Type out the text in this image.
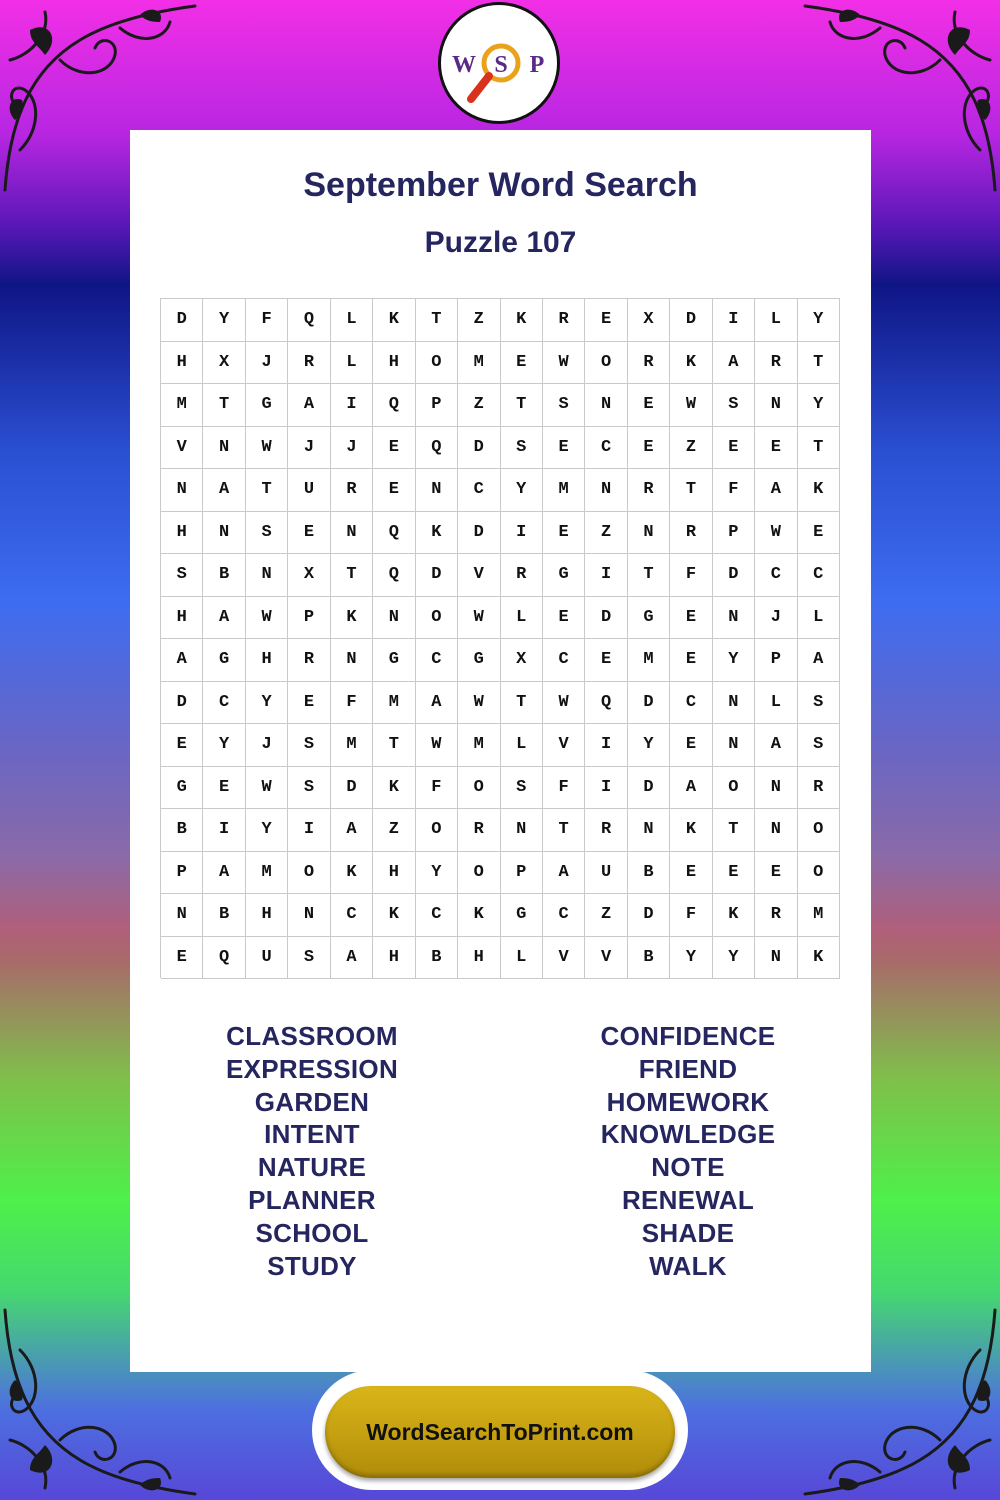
W S P
September Word Search
Puzzle 107
D	Y	F	Q	L	K	T	Z	K	R	E	X	D	I	L	Y
H	X	J	R	L	H	O	M	E	W	O	R	K	A	R	T
M	T	G	A	I	Q	P	Z	T	S	N	E	W	S	N	Y
V	N	W	J	J	E	Q	D	S	E	C	E	Z	E	E	T
N	A	T	U	R	E	N	C	Y	M	N	R	T	F	A	K
H	N	S	E	N	Q	K	D	I	E	Z	N	R	P	W	E
S	B	N	X	T	Q	D	V	R	G	I	T	F	D	C	C
H	A	W	P	K	N	O	W	L	E	D	G	E	N	J	L
A	G	H	R	N	G	C	G	X	C	E	M	E	Y	P	A
D	C	Y	E	F	M	A	W	T	W	Q	D	C	N	L	S
E	Y	J	S	M	T	W	M	L	V	I	Y	E	N	A	S
G	E	W	S	D	K	F	O	S	F	I	D	A	O	N	R
B	I	Y	I	A	Z	O	R	N	T	R	N	K	T	N	O
P	A	M	O	K	H	Y	O	P	A	U	B	E	E	E	O
N	B	H	N	C	K	C	K	G	C	Z	D	F	K	R	M
E	Q	U	S	A	H	B	H	L	V	V	B	Y	Y	N	K
CLASSROOM
EXPRESSION
GARDEN
INTENT
NATURE
PLANNER
SCHOOL
STUDY
CONFIDENCE
FRIEND
HOMEWORK
KNOWLEDGE
NOTE
RENEWAL
SHADE
WALK
WordSearchToPrint.com
